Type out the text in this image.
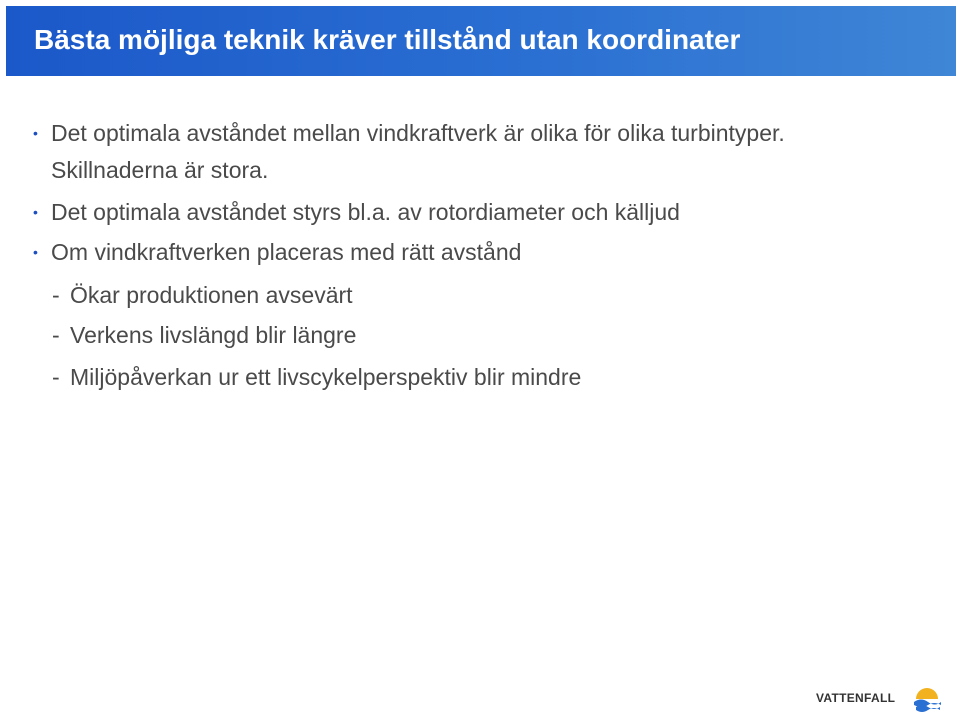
Bästa möjliga teknik kräver tillstånd utan koordinater
• Det optimala avståndet mellan vindkraftverk är olika för olika turbintyper.
Skillnaderna är stora.
• Det optimala avståndet styrs bl.a. av rotordiameter och källjud
• Om vindkraftverken placeras med rätt avstånd
- Ökar produktionen avsevärt
- Verkens livslängd blir längre
- Miljöpåverkan ur ett livscykelperspektiv blir mindre
VATTENFALL
